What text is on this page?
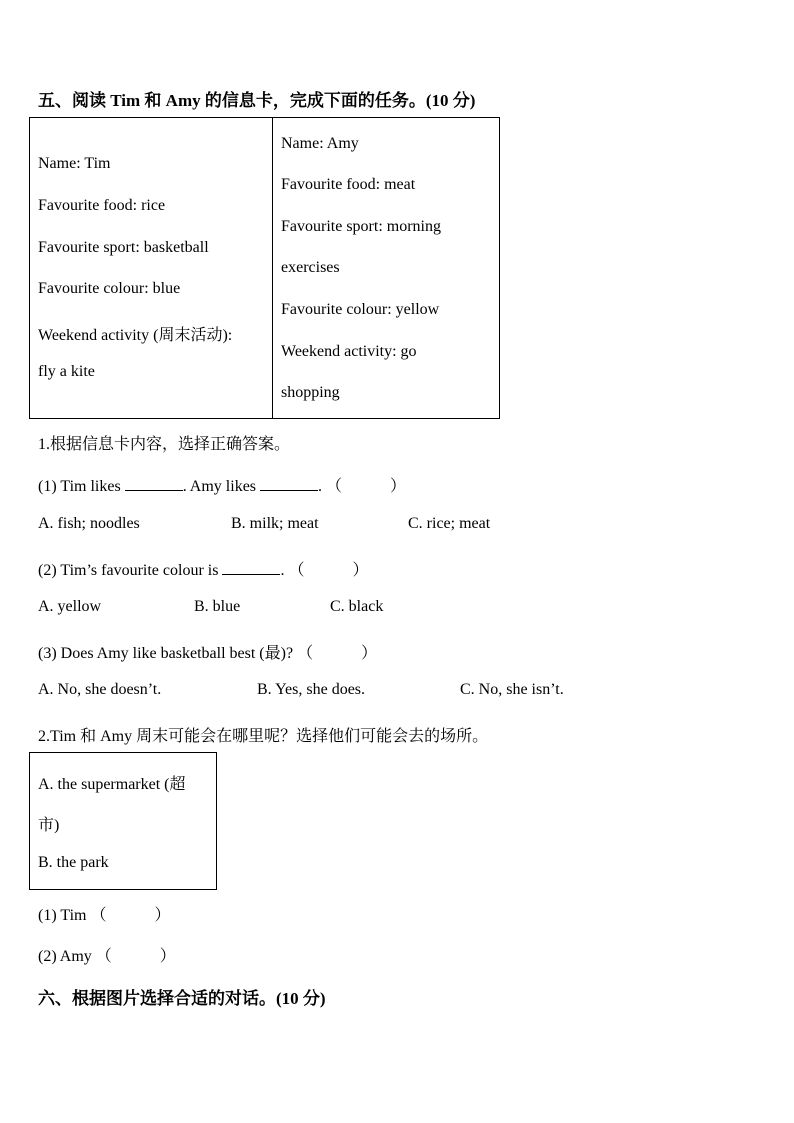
五、阅读 Tim 和 Amy 的信息卡，完成下面的任务。(10 分)
Name: Tim
Favourite food: rice
Favourite sport: basketball
Favourite colour: blue
Weekend activity (周末活动):
fly a kite
Name: Amy
Favourite food: meat
Favourite sport: morning
exercises
Favourite colour: yellow
Weekend activity: go
shopping
1.根据信息卡内容，选择正确答案。
(1) Tim likes	. Amy likes	. （　　　）
A. fish; noodles	B. milk; meat	C. rice; meat
(2) Tim’s favourite colour is	. （　　　）
A. yellow	B. blue	C. black
(3) Does Amy like basketball best (最)? （　　　）
A. No, she doesn’t.	B. Yes, she does.	C. No, she isn’t.
2.Tim 和 Amy 周末可能会在哪里呢？选择他们可能会去的场所。
A. the supermarket (超
市)
B. the park
(1) Tim （　　　）
(2) Amy （　　　）
六、根据图片选择合适的对话。(10 分)
